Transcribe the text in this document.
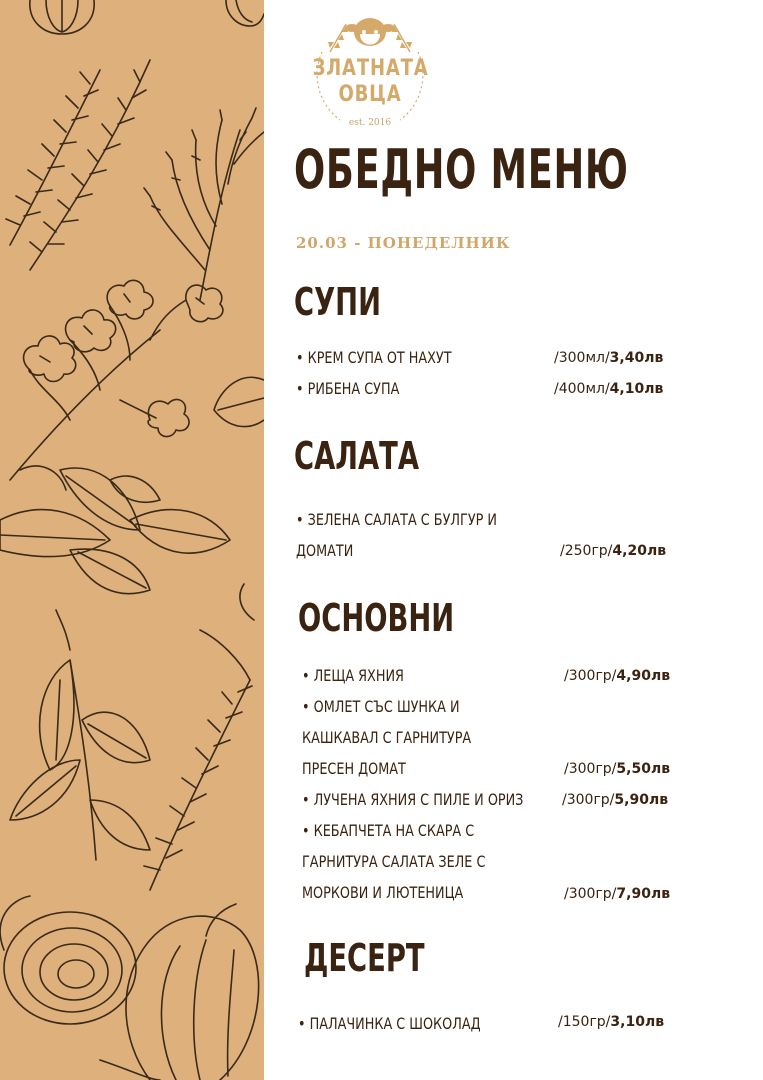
ЗЛАТНАТА
ОВЦА
est. 2016
ОБЕДНО МЕНЮ
20.03 - ПОНЕДЕЛНИК
СУПИ
• КРЕМ СУПА ОТ НАХУТ	/300мл/3,40лв
• РИБЕНА СУПА	/400мл/4,10лв
САЛАТА
• ЗЕЛЕНА САЛАТА С БУЛГУР И
ДОМАТИ	/250гр/4,20лв
ОСНОВНИ
• ЛЕЩА ЯХНИЯ	/300гр/4,90лв
• ОМЛЕТ СЪС ШУНКА И
КАШКАВАЛ С ГАРНИТУРА
ПРЕСЕН ДОМАТ	/300гр/5,50лв
• ЛУЧЕНА ЯХНИЯ С ПИЛЕ И ОРИЗ	/300гр/5,90лв
• КЕБАПЧЕТА НА СКАРА С
ГАРНИТУРА САЛАТА ЗЕЛЕ С
МОРКОВИ И ЛЮТЕНИЦА	/300гр/7,90лв
ДЕСЕРТ
• ПАЛАЧИНКА С ШОКОЛАД	/150гр/3,10лв
